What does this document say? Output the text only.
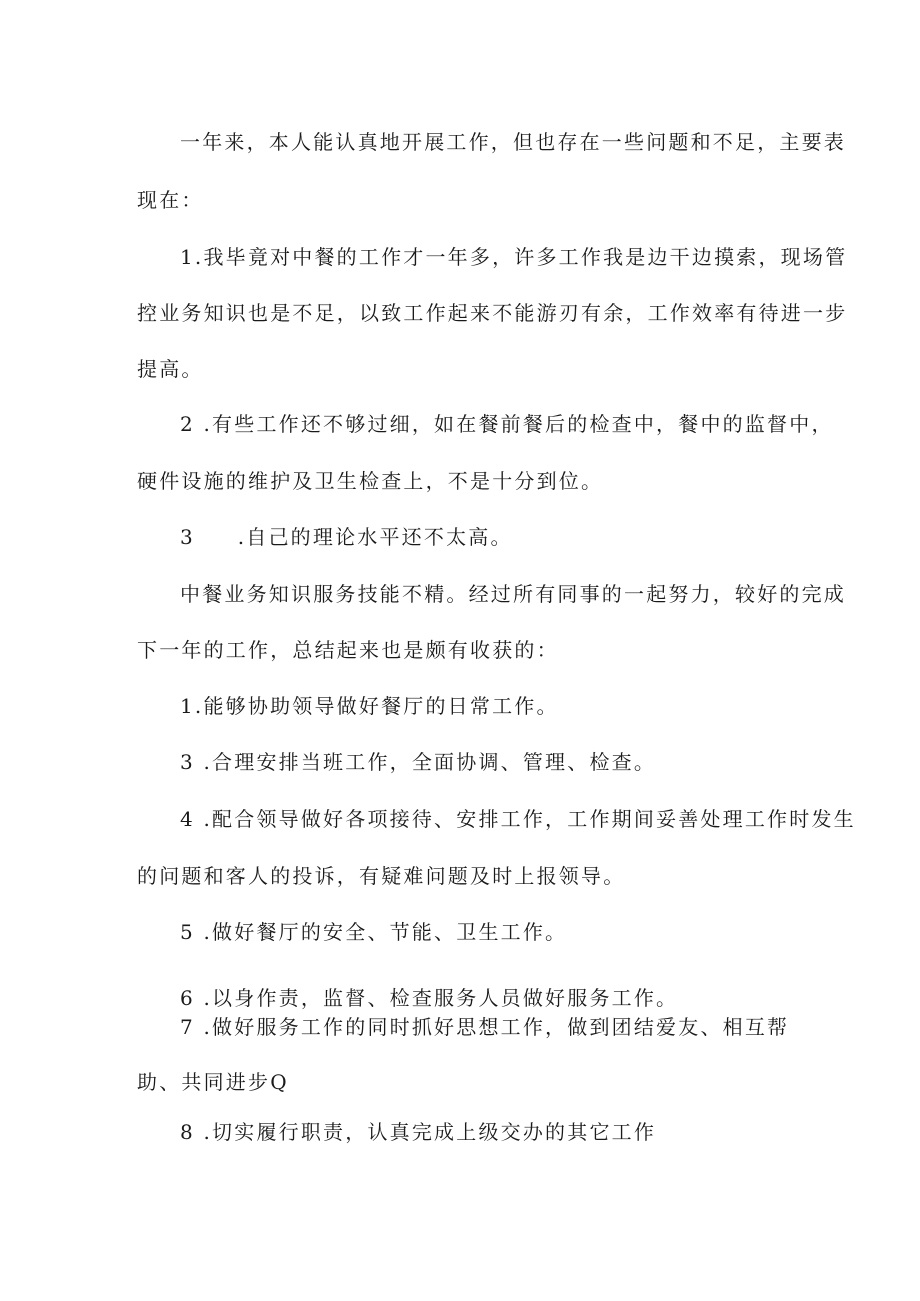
一年来，本人能认真地开展工作，但也存在一些问题和不足，主要表
现在：
1.我毕竟对中餐的工作才一年多，许多工作我是边干边摸索，现场管
控业务知识也是不足，以致工作起来不能游刃有余，工作效率有待进一步
提高。
2 .有些工作还不够过细，如在餐前餐后的检查中，餐中的监督中，
硬件设施的维护及卫生检查上，不是十分到位。
3     .自己的理论水平还不太高。
中餐业务知识服务技能不精。经过所有同事的一起努力，较好的完成
下一年的工作，总结起来也是颇有收获的：
1.能够协助领导做好餐厅的日常工作。
3 .合理安排当班工作，全面协调、管理、检查。
4 .配合领导做好各项接待、安排工作，工作期间妥善处理工作时发生
的问题和客人的投诉，有疑难问题及时上报领导。
5 .做好餐厅的安全、节能、卫生工作。
6 .以身作责，监督、检查服务人员做好服务工作。
7 .做好服务工作的同时抓好思想工作，做到团结爱友、相互帮
助、共同进步Q
8 .切实履行职责，认真完成上级交办的其它工作
